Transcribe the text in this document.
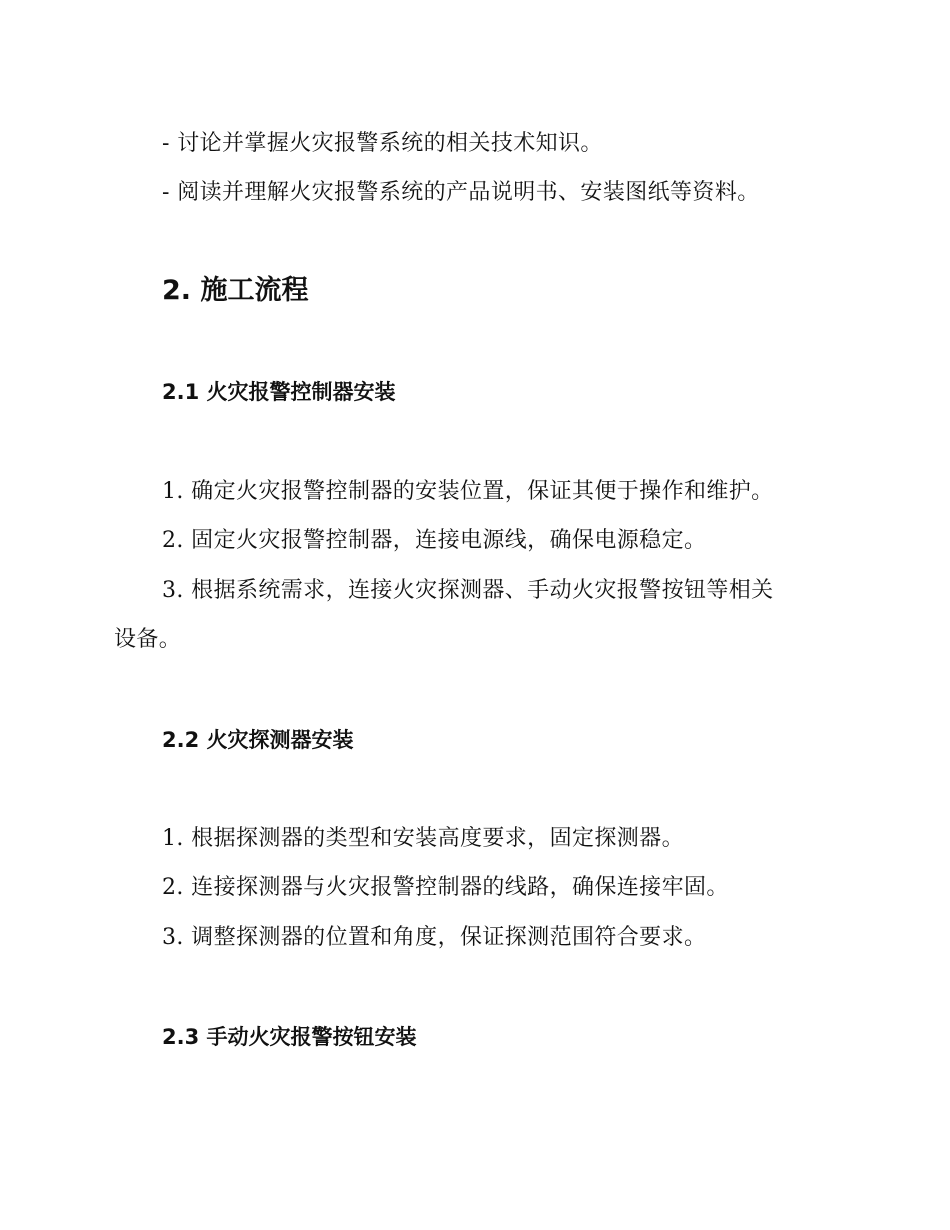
- 讨论并掌握火灾报警系统的相关技术知识。
- 阅读并理解火灾报警系统的产品说明书、安装图纸等资料。
2. 施工流程
2.1 火灾报警控制器安装
1. 确定火灾报警控制器的安装位置，保证其便于操作和维护。
2. 固定火灾报警控制器，连接电源线，确保电源稳定。
3. 根据系统需求，连接火灾探测器、手动火灾报警按钮等相关
设备。
2.2 火灾探测器安装
1. 根据探测器的类型和安装高度要求，固定探测器。
2. 连接探测器与火灾报警控制器的线路，确保连接牢固。
3. 调整探测器的位置和角度，保证探测范围符合要求。
2.3 手动火灾报警按钮安装
